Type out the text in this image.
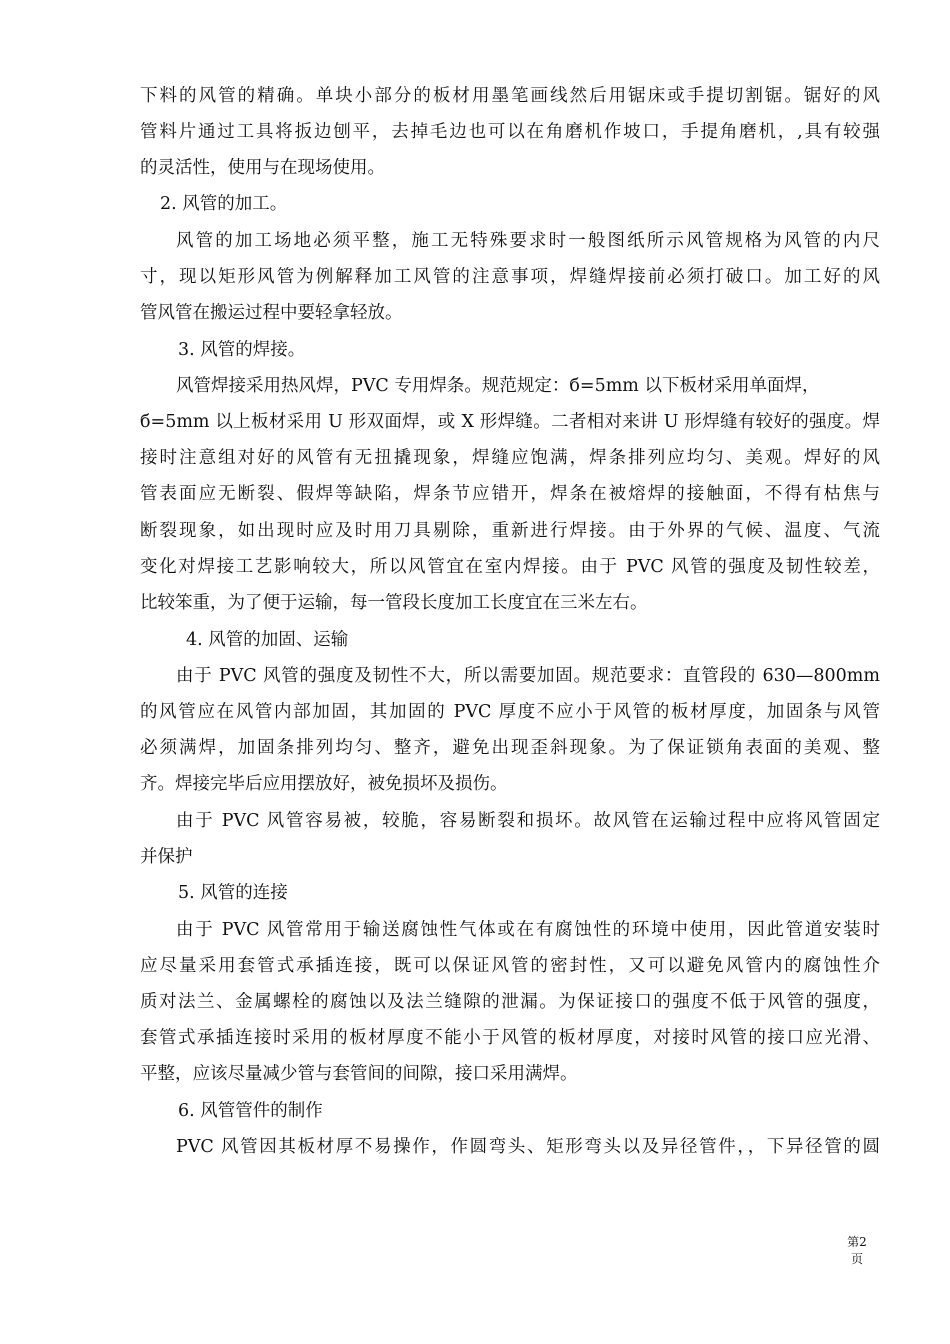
下料的风管的精确。单块小部分的板材用墨笔画线然后用锯床或手提切割锯。锯好的风
管料片通过工具将扳边刨平，去掉毛边也可以在角磨机作坡口，手提角磨机，,具有较强
的灵活性，使用与在现场使用。
2. 风管的加工。
风管的加工场地必须平整，施工无特殊要求时一般图纸所示风管规格为风管的内尺
寸，现以矩形风管为例解释加工风管的注意事项，焊缝焊接前必须打破口。加工好的风
管风管在搬运过程中要轻拿轻放。
3. 风管的焊接。
风管焊接采用热风焊，PVC 专用焊条。规范规定：б=5mm 以下板材采用单面焊，
б=5mm 以上板材采用 U 形双面焊，或 X 形焊缝。二者相对来讲 U 形焊缝有较好的强度。焊
接时注意组对好的风管有无扭撬现象，焊缝应饱满，焊条排列应均匀、美观。焊好的风
管表面应无断裂、假焊等缺陷，焊条节应错开，焊条在被熔焊的接触面，不得有枯焦与
断裂现象，如出现时应及时用刀具剔除，重新进行焊接。由于外界的气候、温度、气流
变化对焊接工艺影响较大，所以风管宜在室内焊接。由于 PVC 风管的强度及韧性较差，
比较笨重，为了便于运输，每一管段长度加工长度宜在三米左右。
4. 风管的加固、运输
由于 PVC 风管的强度及韧性不大，所以需要加固。规范要求：直管段的 630—800mm
的风管应在风管内部加固，其加固的 PVC 厚度不应小于风管的板材厚度，加固条与风管
必须满焊，加固条排列均匀、整齐，避免出现歪斜现象。为了保证锁角表面的美观、整
齐。焊接完毕后应用摆放好，被免损坏及损伤。
由于 PVC 风管容易被，较脆，容易断裂和损坏。故风管在运输过程中应将风管固定
并保护
5. 风管的连接
由于 PVC 风管常用于输送腐蚀性气体或在有腐蚀性的环境中使用，因此管道安装时
应尽量采用套管式承插连接，既可以保证风管的密封性，又可以避免风管内的腐蚀性介
质对法兰、金属螺栓的腐蚀以及法兰缝隙的泄漏。为保证接口的强度不低于风管的强度，
套管式承插连接时采用的板材厚度不能小于风管的板材厚度，对接时风管的接口应光滑、
平整，应该尽量减少管与套管间的间隙，接口采用满焊。
6. 风管管件的制作
PVC 风管因其板材厚不易操作，作圆弯头、矩形弯头以及异径管件，，下异径管的圆
第2
页
